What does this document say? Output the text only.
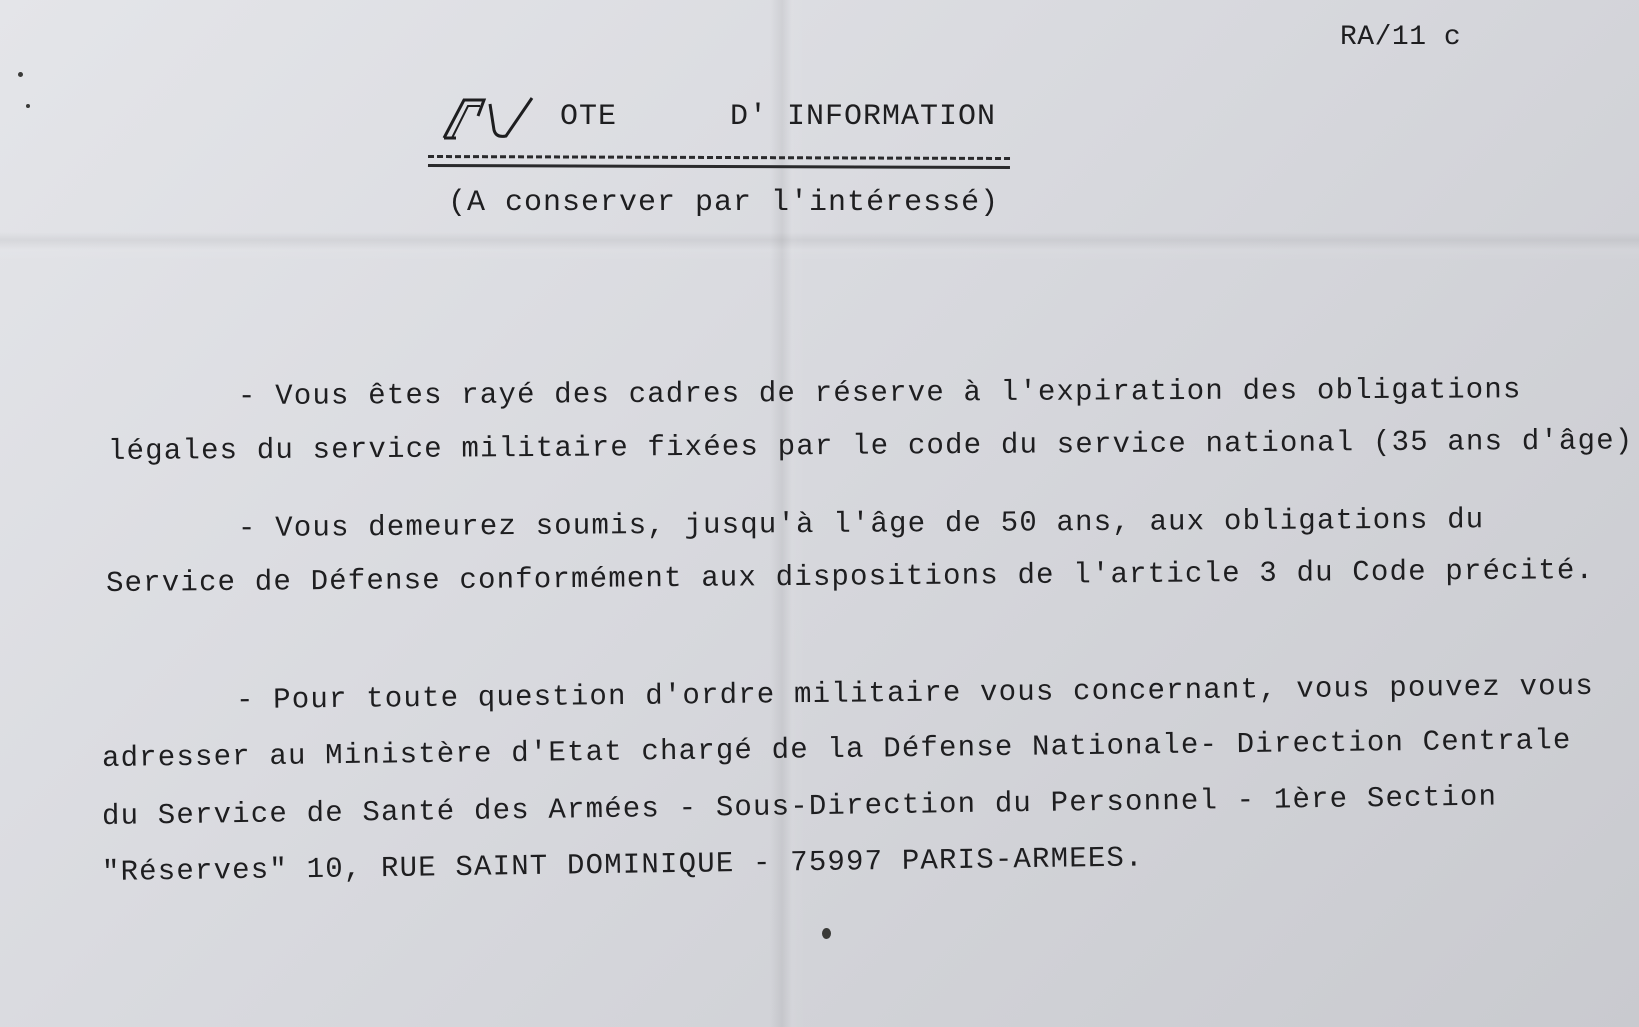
RA/11 c
OTE	D' INFORMATION
(A conserver par l'intéressé)
- Vous êtes rayé des cadres de réserve à l'expiration des obligations
légales du service militaire fixées par le code du service national (35 ans d'âge)
- Vous demeurez soumis, jusqu'à l'âge de 50 ans, aux obligations du
Service de Défense conformément aux dispositions de l'article 3 du Code précité.
- Pour toute question d'ordre militaire vous concernant, vous pouvez vous
adresser au Ministère d'Etat chargé de la Défense Nationale- Direction Centrale
du Service de Santé des Armées - Sous-Direction du Personnel - 1ère Section
"Réserves" 10, RUE SAINT DOMINIQUE - 75997 PARIS-ARMEES.
